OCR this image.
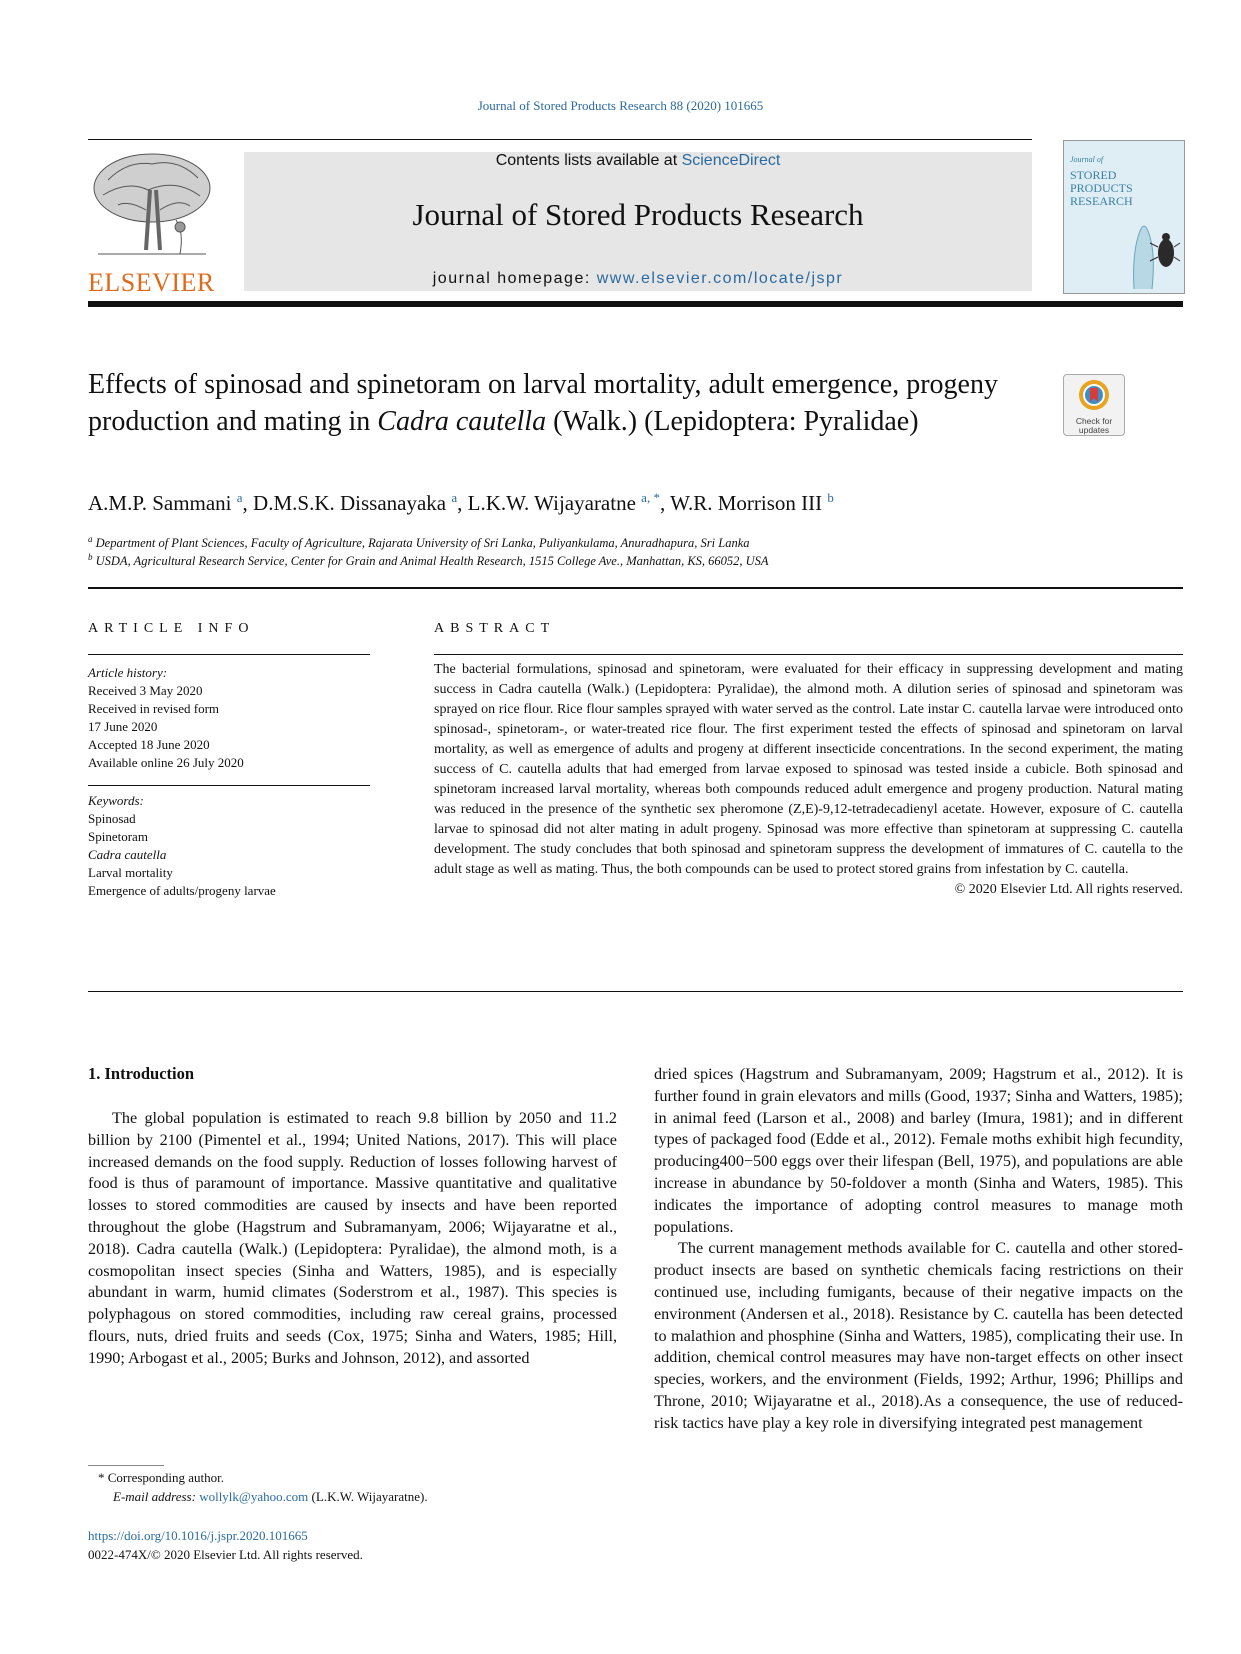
Journal of Stored Products Research 88 (2020) 101665
ELSEVIER
Contents lists available at ScienceDirect
Journal of Stored Products Research
journal homepage: www.elsevier.com/locate/jspr
Journal of
STORED
PRODUCTS
RESEARCH
Effects of spinosad and spinetoram on larval mortality, adult emergence, progeny production and mating in Cadra cautella (Walk.) (Lepidoptera: Pyralidae)	Check for updates
A.M.P. Sammani $^a$, D.M.S.K. Dissanayaka $^a$, L.K.W. Wijayaratne $^{a, *}$, W.R. Morrison III $^b$
$^a$ Department of Plant Sciences, Faculty of Agriculture, Rajarata University of Sri Lanka, Puliyankulama, Anuradhapura, Sri Lanka
$^b$ USDA, Agricultural Research Service, Center for Grain and Animal Health Research, 1515 College Ave., Manhattan, KS, 66052, USA
ARTICLE INFO
Article history:
Received 3 May 2020
Received in revised form
17 June 2020
Accepted 18 June 2020
Available online 26 July 2020
Keywords:
Spinosad
Spinetoram
Cadra cautella
Larval mortality
Emergence of adults/progeny larvae
ABSTRACT
The bacterial formulations, spinosad and spinetoram, were evaluated for their efficacy in suppressing development and mating success in Cadra cautella (Walk.) (Lepidoptera: Pyralidae), the almond moth. A dilution series of spinosad and spinetoram was sprayed on rice flour. Rice flour samples sprayed with water served as the control. Late instar C. cautella larvae were introduced onto spinosad-, spinetoram-, or water-treated rice flour. The first experiment tested the effects of spinosad and spinetoram on larval mortality, as well as emergence of adults and progeny at different insecticide concentrations. In the second experiment, the mating success of C. cautella adults that had emerged from larvae exposed to spinosad was tested inside a cubicle. Both spinosad and spinetoram increased larval mortality, whereas both compounds reduced adult emergence and progeny production. Natural mating was reduced in the presence of the synthetic sex pheromone (Z,E)-9,12-tetradecadienyl acetate. However, exposure of C. cautella larvae to spinosad did not alter mating in adult progeny. Spinosad was more effective than spinetoram at suppressing C. cautella development. The study concludes that both spinosad and spinetoram suppress the development of immatures of C. cautella to the adult stage as well as mating. Thus, the both compounds can be used to protect stored grains from infestation by C. cautella.
© 2020 Elsevier Ltd. All rights reserved.
1. Introduction

The global population is estimated to reach 9.8 billion by 2050 and 11.2 billion by 2100 (Pimentel et al., 1994; United Nations, 2017). This will place increased demands on the food supply. Reduction of losses following harvest of food is thus of paramount of importance. Massive quantitative and qualitative losses to stored commodities are caused by insects and have been reported throughout the globe (Hagstrum and Subramanyam, 2006; Wijayaratne et al., 2018). Cadra cautella (Walk.) (Lepidoptera: Pyralidae), the almond moth, is a cosmopolitan insect species (Sinha and Watters, 1985), and is especially abundant in warm, humid climates (Soderstrom et al., 1987). This species is polyphagous on stored commodities, including raw cereal grains, processed flours, nuts, dried fruits and seeds (Cox, 1975; Sinha and Waters, 1985; Hill, 1990; Arbogast et al., 2005; Burks and Johnson, 2012), and assorted

dried spices (Hagstrum and Subramanyam, 2009; Hagstrum et al., 2012). It is further found in grain elevators and mills (Good, 1937; Sinha and Watters, 1985); in animal feed (Larson et al., 2008) and barley (Imura, 1981); and in different types of packaged food (Edde et al., 2012). Female moths exhibit high fecundity, producing400−500 eggs over their lifespan (Bell, 1975), and populations are able increase in abundance by 50-foldover a month (Sinha and Waters, 1985). This indicates the importance of adopting control measures to manage moth populations.

The current management methods available for C. cautella and other stored-product insects are based on synthetic chemicals facing restrictions on their continued use, including fumigants, because of their negative impacts on the environment (Andersen et al., 2018). Resistance by C. cautella has been detected to malathion and phosphine (Sinha and Watters, 1985), complicating their use. In addition, chemical control measures may have non-target effects on other insect species, workers, and the environment (Fields, 1992; Arthur, 1996; Phillips and Throne, 2010; Wijayaratne et al., 2018).As a consequence, the use of reduced-risk tactics have play a key role in diversifying integrated pest management

* Corresponding author.
E-mail address: wollylk@yahoo.com (L.K.W. Wijayaratne).
https://doi.org/10.1016/j.jspr.2020.101665
0022-474X/© 2020 Elsevier Ltd. All rights reserved.
